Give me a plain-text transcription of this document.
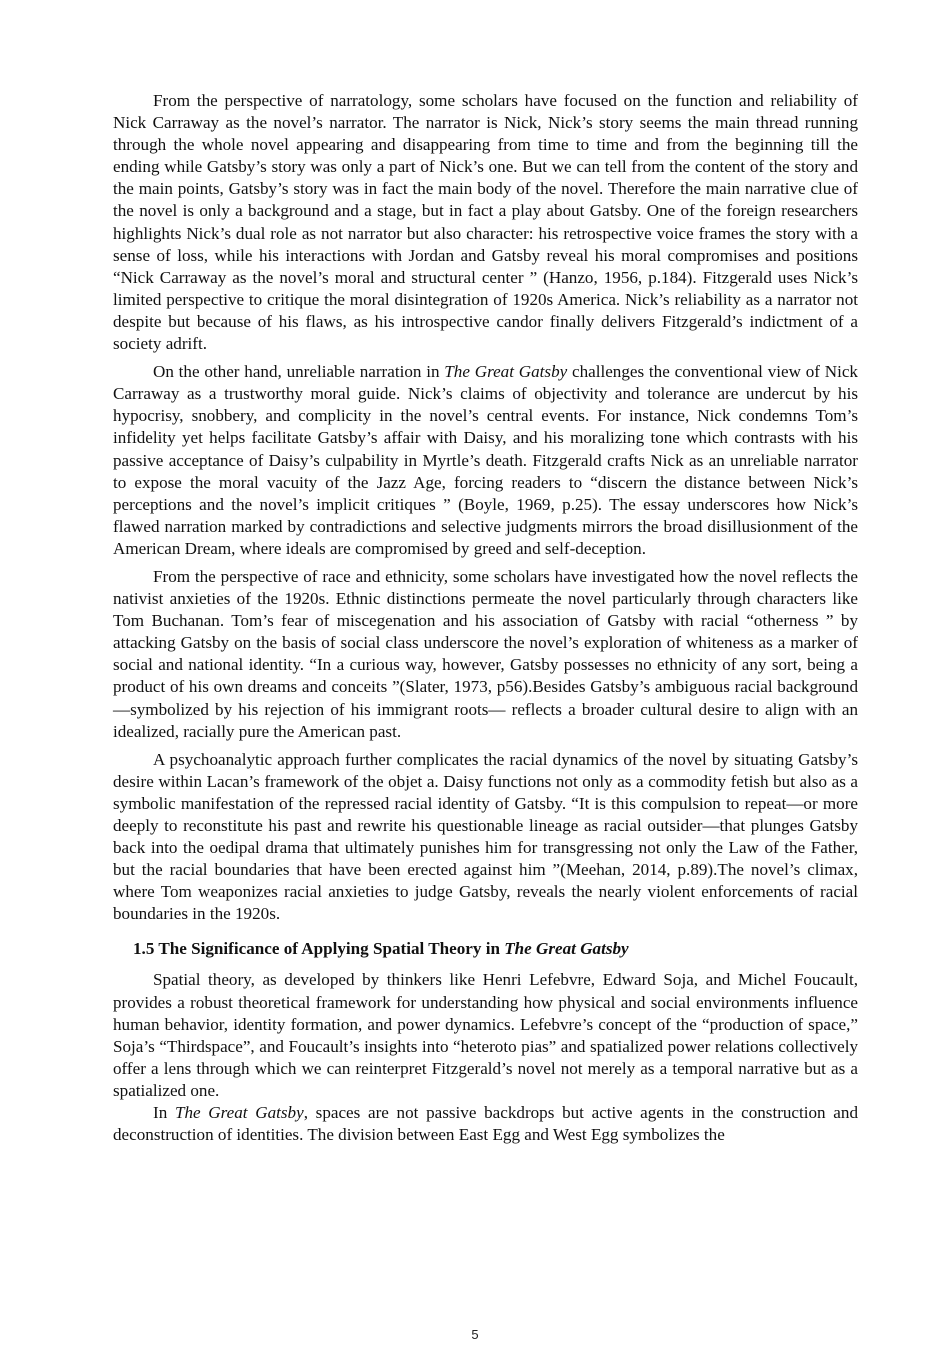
From the perspective of narratology, some scholars have focused on the function and reliability of Nick Carraway as the novel’s narrator. The narrator is Nick, Nick’s story seems the main thread running through the whole novel appearing and disappearing from time to time and from the beginning till the ending while Gatsby’s story was only a part of Nick’s one. But we can tell from the content of the story and the main points, Gatsby’s story was in fact the main body of the novel. Therefore the main narrative clue of the novel is only a background and a stage, but in fact a play about Gatsby. One of the foreign researchers highlights Nick’s dual role as not narrator but also character: his retrospective voice frames the story with a sense of loss, while his interactions with Jordan and Gatsby reveal his moral compromises and positions “Nick Carraway as the novel’s moral and structural center ” (Hanzo, 1956, p.184). Fitzgerald uses Nick’s limited perspective to critique the moral disintegration of 1920s America. Nick’s reliability as a narrator not despite but because of his flaws, as his introspective candor finally delivers Fitzgerald’s indictment of a society adrift.

On the other hand, unreliable narration in The Great Gatsby challenges the conventional view of Nick Carraway as a trustworthy moral guide. Nick’s claims of objectivity and tolerance are undercut by his hypocrisy, snobbery, and complicity in the novel’s central events. For instance, Nick condemns Tom’s infidelity yet helps facilitate Gatsby’s affair with Daisy, and his moralizing tone which contrasts with his passive acceptance of Daisy’s culpability in Myrtle’s death. Fitzgerald crafts Nick as an unreliable narrator to expose the moral vacuity of the Jazz Age, forcing readers to “discern the distance between Nick’s perceptions and the novel’s implicit critiques ” (Boyle, 1969, p.25). The essay underscores how Nick’s flawed narration marked by contradictions and selective judgments mirrors the broad disillusionment of the American Dream, where ideals are compromised by greed and self-deception.

From the perspective of race and ethnicity, some scholars have investigated how the novel reflects the nativist anxieties of the 1920s. Ethnic distinctions permeate the novel particularly through characters like Tom Buchanan. Tom’s fear of miscegenation and his association of Gatsby with racial “otherness ” by attacking Gatsby on the basis of social class underscore the novel’s exploration of whiteness as a marker of social and national identity. “In a curious way, however, Gatsby possesses no ethnicity of any sort, being a product of his own dreams and conceits ”(Slater, 1973, p56).Besides Gatsby’s ambiguous racial background—symbolized by his rejection of his immigrant roots— reflects a broader cultural desire to align with an idealized, racially pure the American past.

A psychoanalytic approach further complicates the racial dynamics of the novel by situating Gatsby’s desire within Lacan’s framework of the objet a. Daisy functions not only as a commodity fetish but also as a symbolic manifestation of the repressed racial identity of Gatsby. “It is this compulsion to repeat—or more deeply to reconstitute his past and rewrite his questionable lineage as racial outsider—that plunges Gatsby back into the oedipal drama that ultimately punishes him for transgressing not only the Law of the Father, but the racial boundaries that have been erected against him ”(Meehan, 2014, p.89).The novel’s climax, where Tom weaponizes racial anxieties to judge Gatsby, reveals the nearly violent enforcements of racial boundaries in the 1920s.

1.5 The Significance of Applying Spatial Theory in The Great Gatsby

Spatial theory, as developed by thinkers like Henri Lefebvre, Edward Soja, and Michel Foucault, provides a robust theoretical framework for understanding how physical and social environments influence human behavior, identity formation, and power dynamics. Lefebvre’s concept of the “production of space,” Soja’s “Thirdspace”, and Foucault’s insights into “heteroto pias” and spatialized power relations collectively offer a lens through which we can reinterpret Fitzgerald’s novel not merely as a temporal narrative but as a spatialized one.

In The Great Gatsby, spaces are not passive backdrops but active agents in the construction and deconstruction of identities. The division between East Egg and West Egg symbolizes the

5
